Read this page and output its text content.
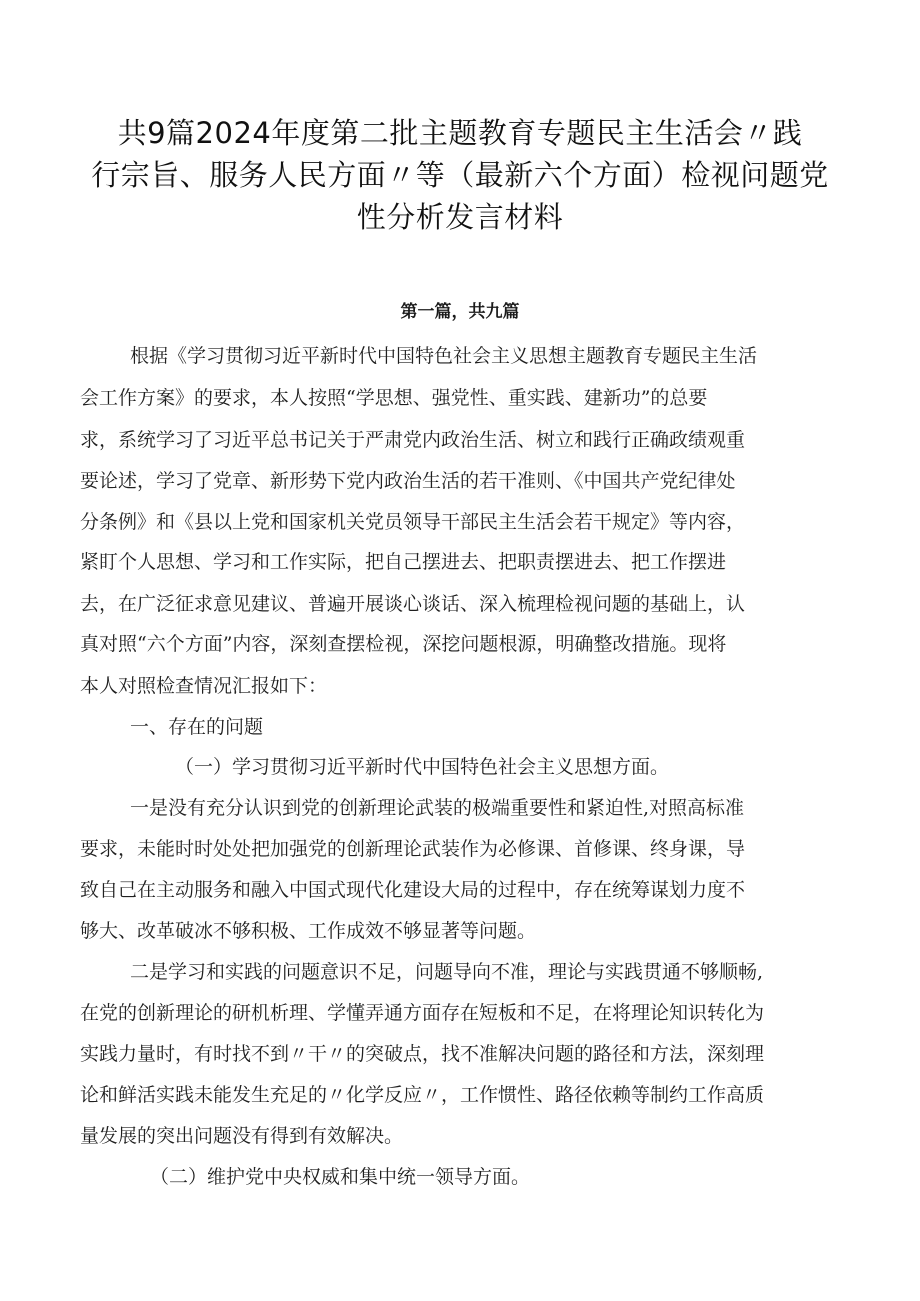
共9篇2024年度第二批主题教育专题民主生活会〃践
行宗旨、服务人民方面〃等（最新六个方面）检视问题党
性分析发言材料
第一篇，共九篇
根据《学习贯彻习近平新时代中国特色社会主义思想主题教育专题民主生活
会工作方案》的要求，本人按照“学思想、强党性、重实践、建新功”的总要
求，系统学习了习近平总书记关于严肃党内政治生活、树立和践行正确政绩观重
要论述，学习了党章、新形势下党内政治生活的若干准则、《中国共产党纪律处
分条例》和《县以上党和国家机关党员领导干部民主生活会若干规定》等内容，
紧盯个人思想、学习和工作实际，把自己摆进去、把职责摆进去、把工作摆进
去，在广泛征求意见建议、普遍开展谈心谈话、深入梳理检视问题的基础上，认
真对照“六个方面”内容，深刻查摆检视，深挖问题根源，明确整改措施。现将
本人对照检查情况汇报如下：
一、存在的问题
（一）学习贯彻习近平新时代中国特色社会主义思想方面。
一是没有充分认识到党的创新理论武装的极端重要性和紧迫性,对照高标准
要求，未能时时处处把加强党的创新理论武装作为必修课、首修课、终身课，导
致自己在主动服务和融入中国式现代化建设大局的过程中，存在统筹谋划力度不
够大、改革破冰不够积极、工作成效不够显著等问题。
二是学习和实践的问题意识不足，问题导向不准，理论与实践贯通不够顺畅,
在党的创新理论的研机析理、学懂弄通方面存在短板和不足，在将理论知识转化为
实践力量时，有时找不到〃干〃的突破点，找不准解决问题的路径和方法，深刻理
论和鲜活实践未能发生充足的〃化学反应〃，工作惯性、路径依赖等制约工作高质
量发展的突出问题没有得到有效解决。
（二）维护党中央权威和集中统一领导方面。
